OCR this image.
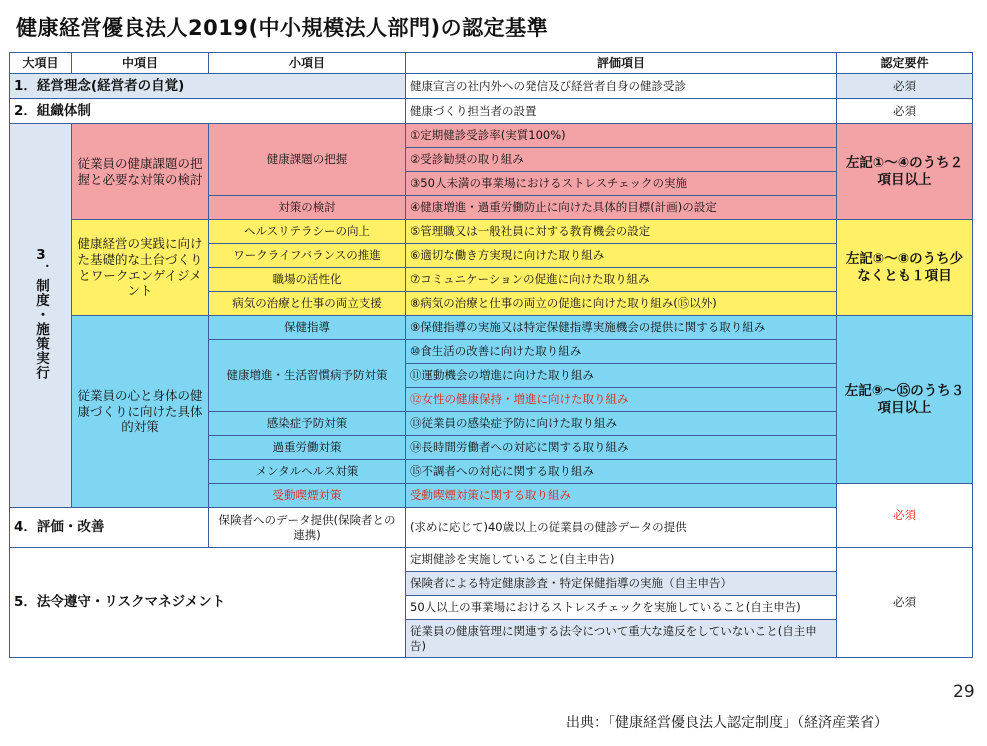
健康経営優良法人2019(中小規模法人部門)の認定基準
大項目	中項目	小項目	評価項目	認定要件
1．経営理念(経営者の自覚)			健康宣言の社内外への発信及び経営者自身の健診受診	必須
2．組織体制			健康づくり担当者の設置	必須
3．制度・施策実行	従業員の健康課題の把握と必要な対策の検討	健康課題の把握	①定期健診受診率(実質100%)	左記①～④のうち２項目以上
			②受診勧奨の取り組み	
			③50人未満の事業場におけるストレスチェックの実施	
		対策の検討	④健康増進・過重労働防止に向けた具体的目標(計画)の設定	
	健康経営の実践に向けた基礎的な土台づくりとワークエンゲイジメント	ヘルスリテラシーの向上	⑤管理職又は一般社員に対する教育機会の設定	左記⑤～⑧のうち少なくとも１項目
		ワークライフバランスの推進	⑥適切な働き方実現に向けた取り組み	
		職場の活性化	⑦コミュニケーションの促進に向けた取り組み	
		病気の治療と仕事の両立支援	⑧病気の治療と仕事の両立の促進に向けた取り組み(⑮以外)	
	従業員の心と身体の健康づくりに向けた具体的対策	保健指導	⑨保健指導の実施又は特定保健指導実施機会の提供に関する取り組み	左記⑨～⑮のうち３項目以上
		健康増進・生活習慣病予防対策	⑩食生活の改善に向けた取り組み	
			⑪運動機会の増進に向けた取り組み	
			⑫女性の健康保持・増進に向けた取り組み	
		感染症予防対策	⑬従業員の感染症予防に向けた取り組み	
		過重労働対策	⑭長時間労働者への対応に関する取り組み	
		メンタルヘルス対策	⑮不調者への対応に関する取り組み	
		受動喫煙対策	受動喫煙対策に関する取り組み	必須
4．評価・改善		保険者へのデータ提供(保険者との連携)	(求めに応じて)40歳以上の従業員の健診データの提供	
5．法令遵守・リスクマネジメント			定期健診を実施していること(自主申告)	必須
			保険者による特定健康診査・特定保健指導の実施（自主申告）	
			50人以上の事業場におけるストレスチェックを実施していること(自主申告)	
			従業員の健康管理に関連する法令について重大な違反をしていないこと(自主申告)	
29
出典：「健康経営優良法人認定制度」（経済産業省）
